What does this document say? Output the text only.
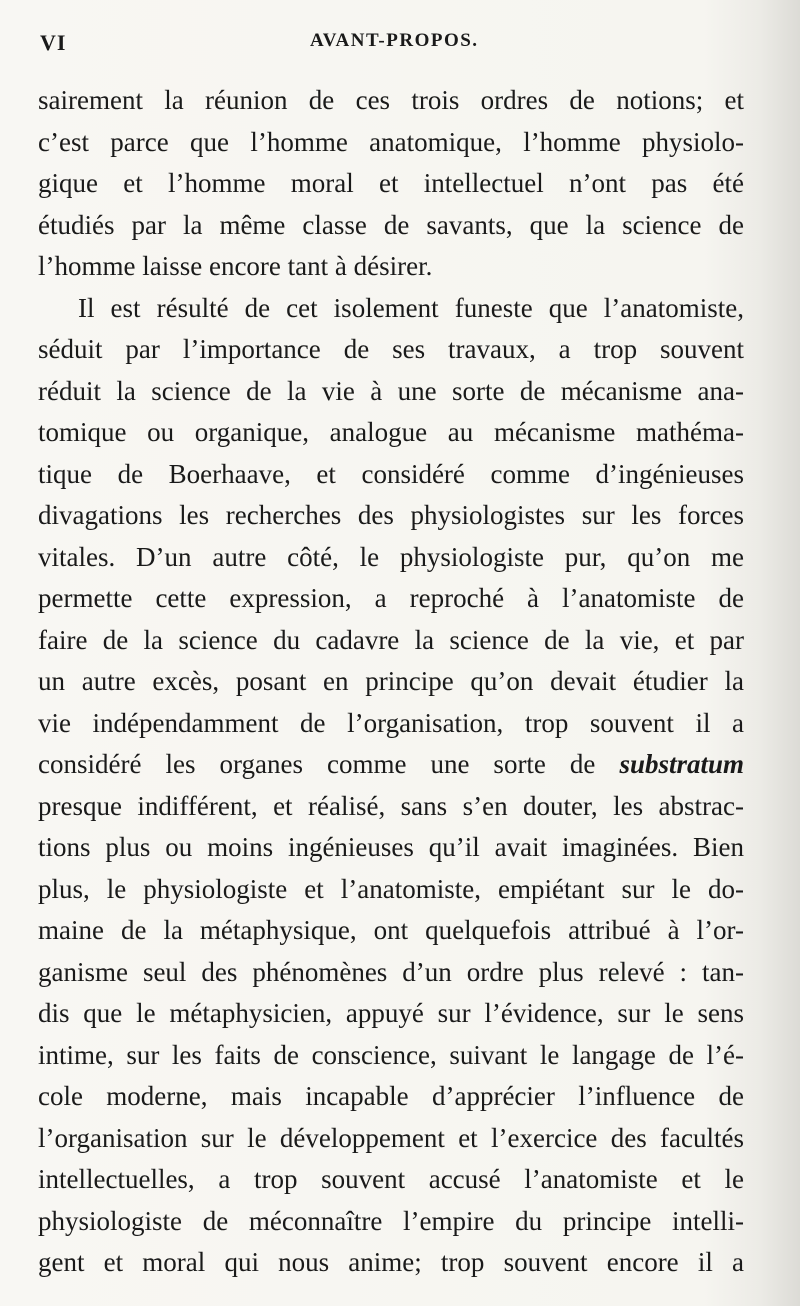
VI	AVANT-PROPOS.
sairement la réunion de ces trois ordres de notions; et
c’est parce que l’homme anatomique, l’homme physiolo-
gique et l’homme moral et intellectuel n’ont pas été
étudiés par la même classe de savants, que la science de
l’homme laisse encore tant à désirer.
Il est résulté de cet isolement funeste que l’anatomiste,
séduit par l’importance de ses travaux, a trop souvent
réduit la science de la vie à une sorte de mécanisme ana-
tomique ou organique, analogue au mécanisme mathéma-
tique de Boerhaave, et considéré comme d’ingénieuses
divagations les recherches des physiologistes sur les forces
vitales. D’un autre côté, le physiologiste pur, qu’on me
permette cette expression, a reproché à l’anatomiste de
faire de la science du cadavre la science de la vie, et par
un autre excès, posant en principe qu’on devait étudier la
vie indépendamment de l’organisation, trop souvent il a
considéré les organes comme une sorte de substratum
presque indifférent, et réalisé, sans s’en douter, les abstrac-
tions plus ou moins ingénieuses qu’il avait imaginées. Bien
plus, le physiologiste et l’anatomiste, empiétant sur le do-
maine de la métaphysique, ont quelquefois attribué à l’or-
ganisme seul des phénomènes d’un ordre plus relevé : tan-
dis que le métaphysicien, appuyé sur l’évidence, sur le sens
intime, sur les faits de conscience, suivant le langage de l’é-
cole moderne, mais incapable d’apprécier l’influence de
l’organisation sur le développement et l’exercice des facultés
intellectuelles, a trop souvent accusé l’anatomiste et le
physiologiste de méconnaître l’empire du principe intelli-
gent et moral qui nous anime; trop souvent encore il a
